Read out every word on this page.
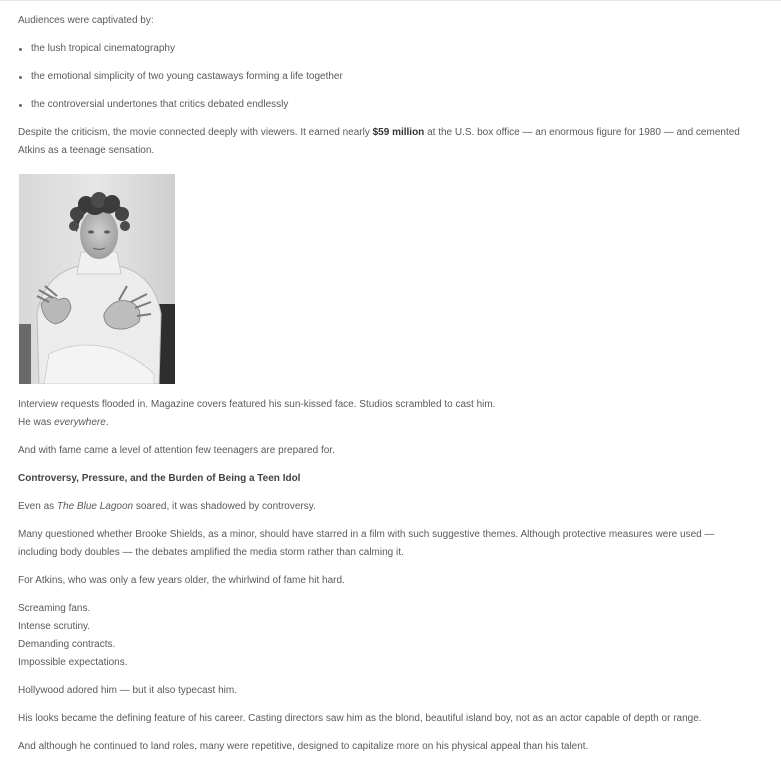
Audiences were captivated by:

the lush tropical cinematography
the emotional simplicity of two young castaways forming a life together
the controversial undertones that critics debated endlessly

Despite the criticism, the movie connected deeply with viewers. It earned nearly $59 million at the U.S. box office — an enormous figure for 1980 — and cemented Atkins as a teenage sensation.

Interview requests flooded in. Magazine covers featured his sun-kissed face. Studios scrambled to cast him.
He was everywhere.

And with fame came a level of attention few teenagers are prepared for.

Controversy, Pressure, and the Burden of Being a Teen Idol

Even as The Blue Lagoon soared, it was shadowed by controversy.

Many questioned whether Brooke Shields, as a minor, should have starred in a film with such suggestive themes. Although protective measures were used — including body doubles — the debates amplified the media storm rather than calming it.

For Atkins, who was only a few years older, the whirlwind of fame hit hard.

Screaming fans.
Intense scrutiny.
Demanding contracts.
Impossible expectations.

Hollywood adored him — but it also typecast him.

His looks became the defining feature of his career. Casting directors saw him as the blond, beautiful island boy, not as an actor capable of depth or range.

And although he continued to land roles, many were repetitive, designed to capitalize more on his physical appeal than his talent.
